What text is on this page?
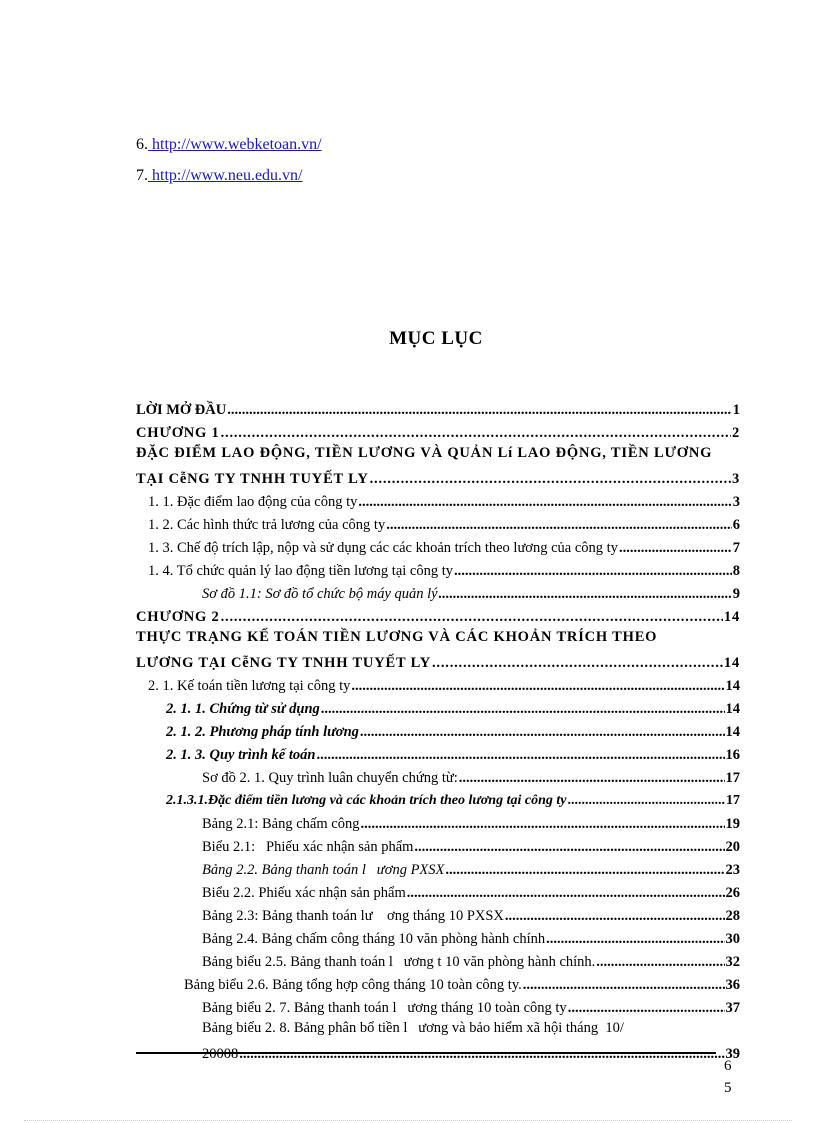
6. http://www.webketoan.vn/
7. http://www.neu.edu.vn/
MỤC LỤC
LỜI MỞ ĐẦU .....	1
CHƯƠNG 1 .....	2
ĐẶC ĐIỂM LAO ĐỘNG, TIỀN LƯƠNG VÀ QUẢN Lí LAO ĐỘNG, TIỀN LƯƠNG
TẠI CễNG TY TNHH TUYẾT LY .....	3
1. 1. Đặc điểm lao động của công ty .....	3
1. 2. Các hình thức trả lương của công ty .....	6
1. 3. Chế độ trích lập, nộp và sử dụng các các khoản trích theo lương của công ty .....	7
1. 4. Tổ chức quản lý lao động tiền lương tại công ty .....	8
Sơ đồ 1.1: Sơ đồ tổ chức bộ máy quản lý .....	9
CHƯƠNG 2 .....	14
THỰC TRẠNG KẾ TOÁN TIỀN LƯƠNG VÀ CÁC KHOẢN TRÍCH THEO
LƯƠNG TẠI CễNG TY TNHH TUYẾT LY .....	14
2. 1. Kế toán tiền lương tại công ty .....	14
2. 1. 1. Chứng từ sử dụng .....	14
2. 1. 2. Phương pháp tính lương .....	14
2. 1. 3. Quy trình kế toán .....	16
Sơ đồ 2. 1. Quy trình luân chuyển chứng từ: .....	17
2.1.3.1.Đặc điểm tiền lương và các khoản trích theo lương tại công ty .....	17
Bảng 2.1: Bảng chấm công .....	19
Biểu 2.1:   Phiếu xác nhận sản phẩm .....	20
Bảng 2.2. Bảng thanh toán l   ương PXSX .....	23
Biểu 2.2. Phiếu xác nhận sản phẩm .....	26
Bảng 2.3: Bảng thanh toán lư    ơng tháng 10 PXSX .....	28
Bảng 2.4. Bảng chấm công tháng 10 văn phòng hành chính .....	30
Bảng biểu 2.5. Bảng thanh toán l   ương t 10 văn phòng hành chính. .....	32
Bảng biểu 2.6. Bảng tổng hợp công tháng 10 toàn công ty. .....	36
Bảng biểu 2. 7. Bảng thanh toán l   ương tháng 10 toàn công ty .....	37
Bảng biểu 2. 8. Bảng phân bổ tiền l   ương và bảo hiểm xã hội tháng  10/
20008 .....	39
6
5
